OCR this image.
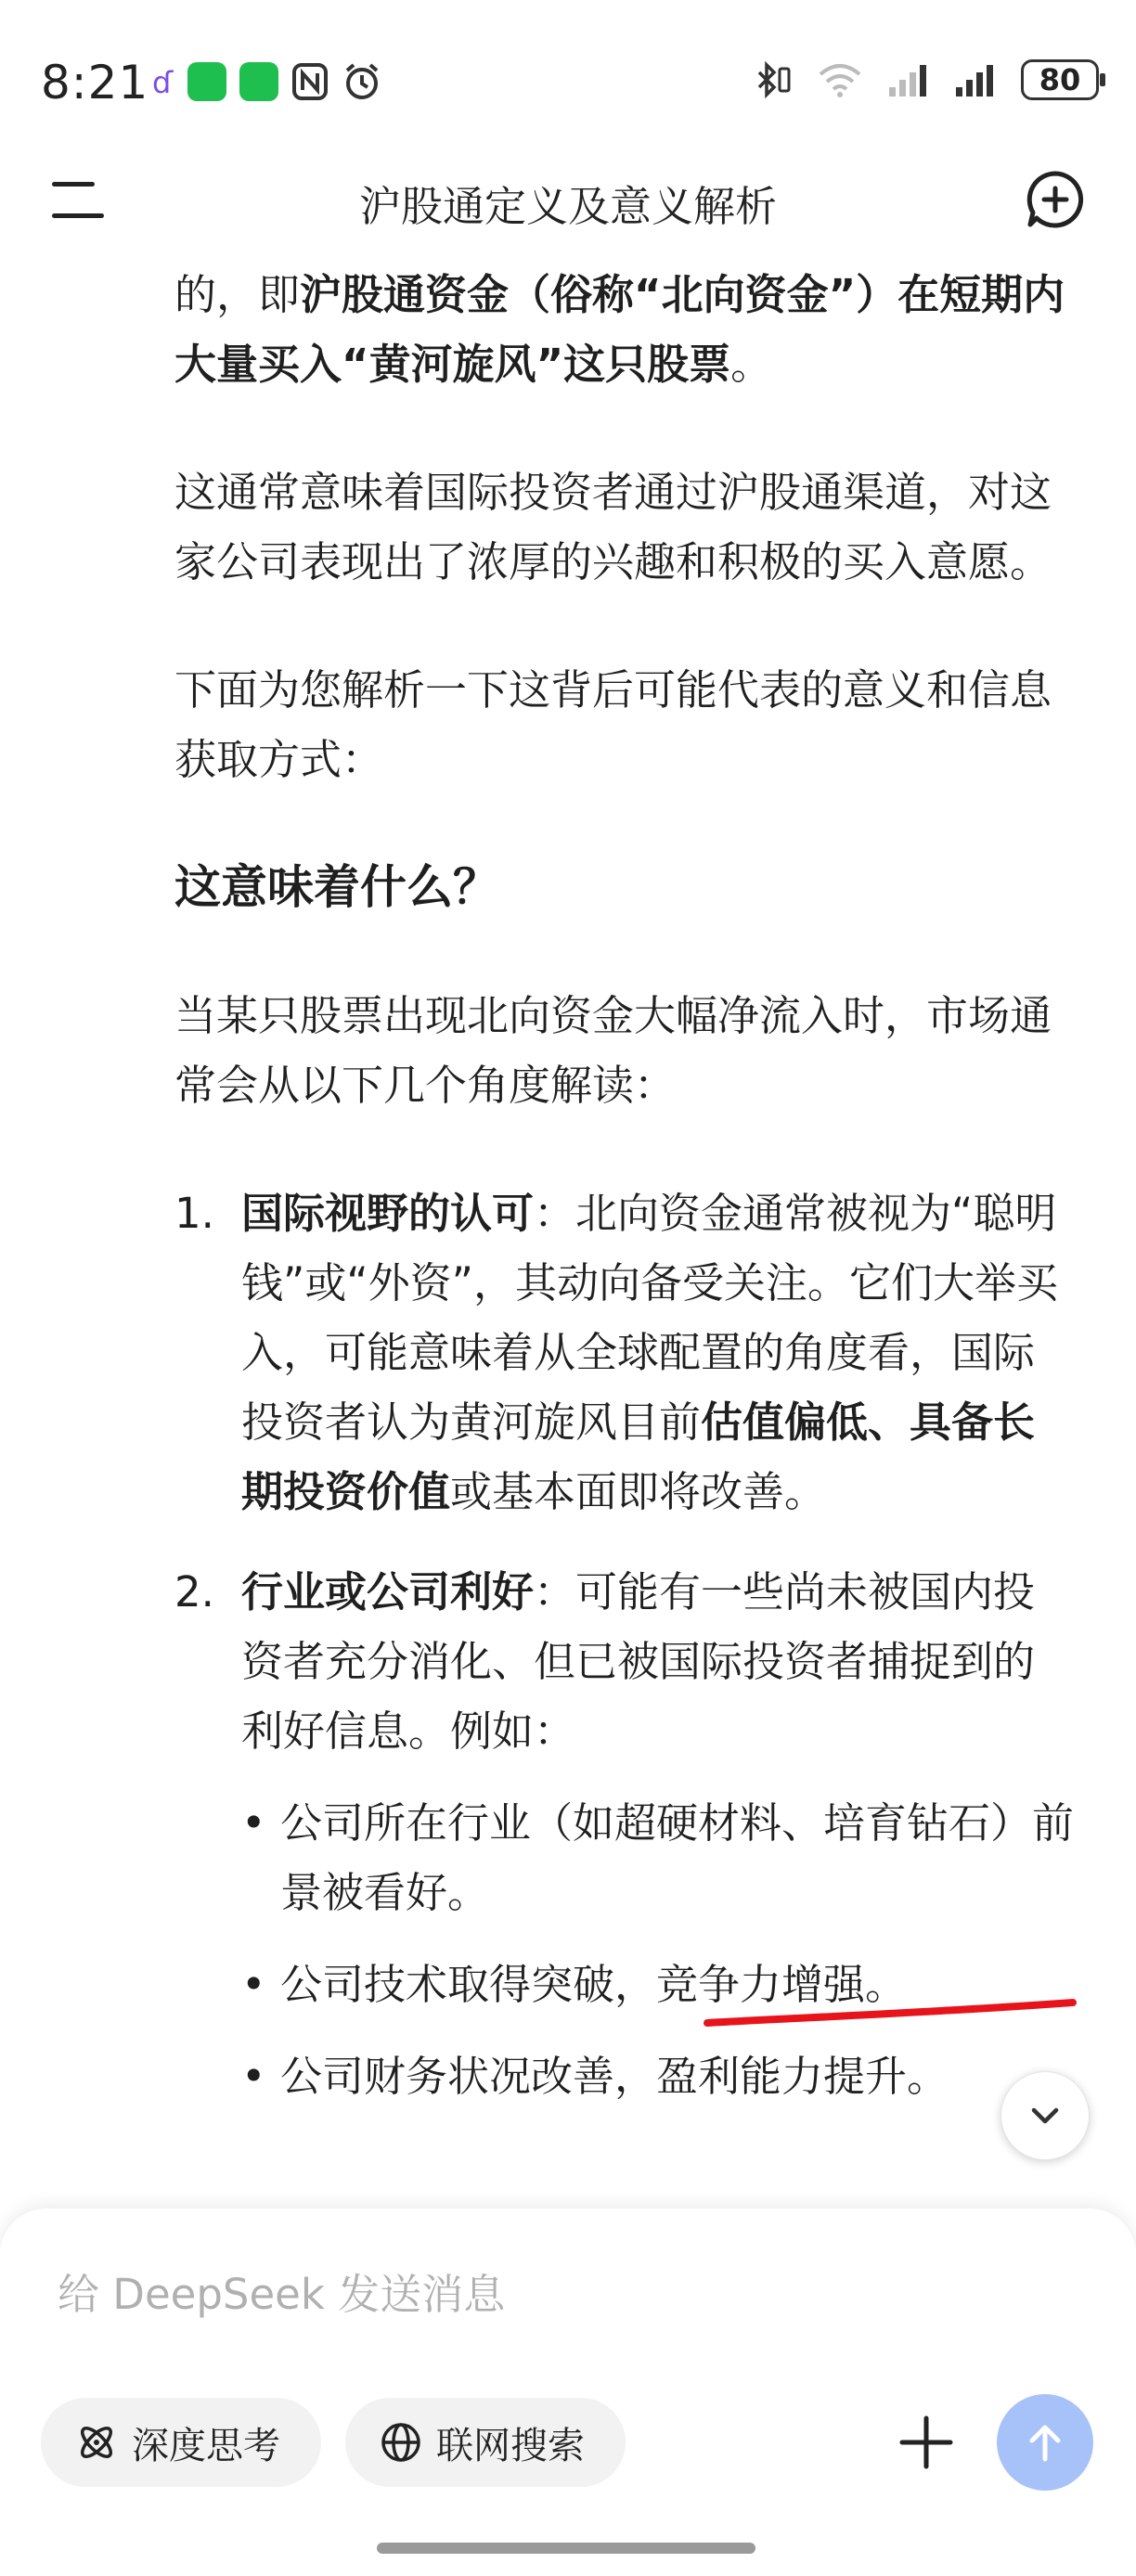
8:21 ɗ	80
沪股通定义及意义解析

的，即沪股通资金（俗称“北向资金”）在短期内大量买入“黄河旋风”这只股票。

这通常意味着国际投资者通过沪股通渠道，对这家公司表现出了浓厚的兴趣和积极的买入意愿。

下面为您解析一下这背后可能代表的意义和信息获取方式：

这意味着什么？

当某只股票出现北向资金大幅净流入时，市场通常会从以下几个角度解读：

1. 国际视野的认可：北向资金通常被视为“聪明钱”或“外资”，其动向备受关注。它们大举买入，可能意味着从全球配置的角度看，国际投资者认为黄河旋风目前估值偏低、具备长期投资价值或基本面即将改善。
2. 行业或公司利好：可能有一些尚未被国内投资者充分消化、但已被国际投资者捕捉到的利好信息。例如：
• 公司所在行业（如超硬材料、培育钻石）前景被看好。
• 公司技术取得突破，竞争力增强。
• 公司财务状况改善，盈利能力提升。
给 DeepSeek 发送消息
深度思考	联网搜索
